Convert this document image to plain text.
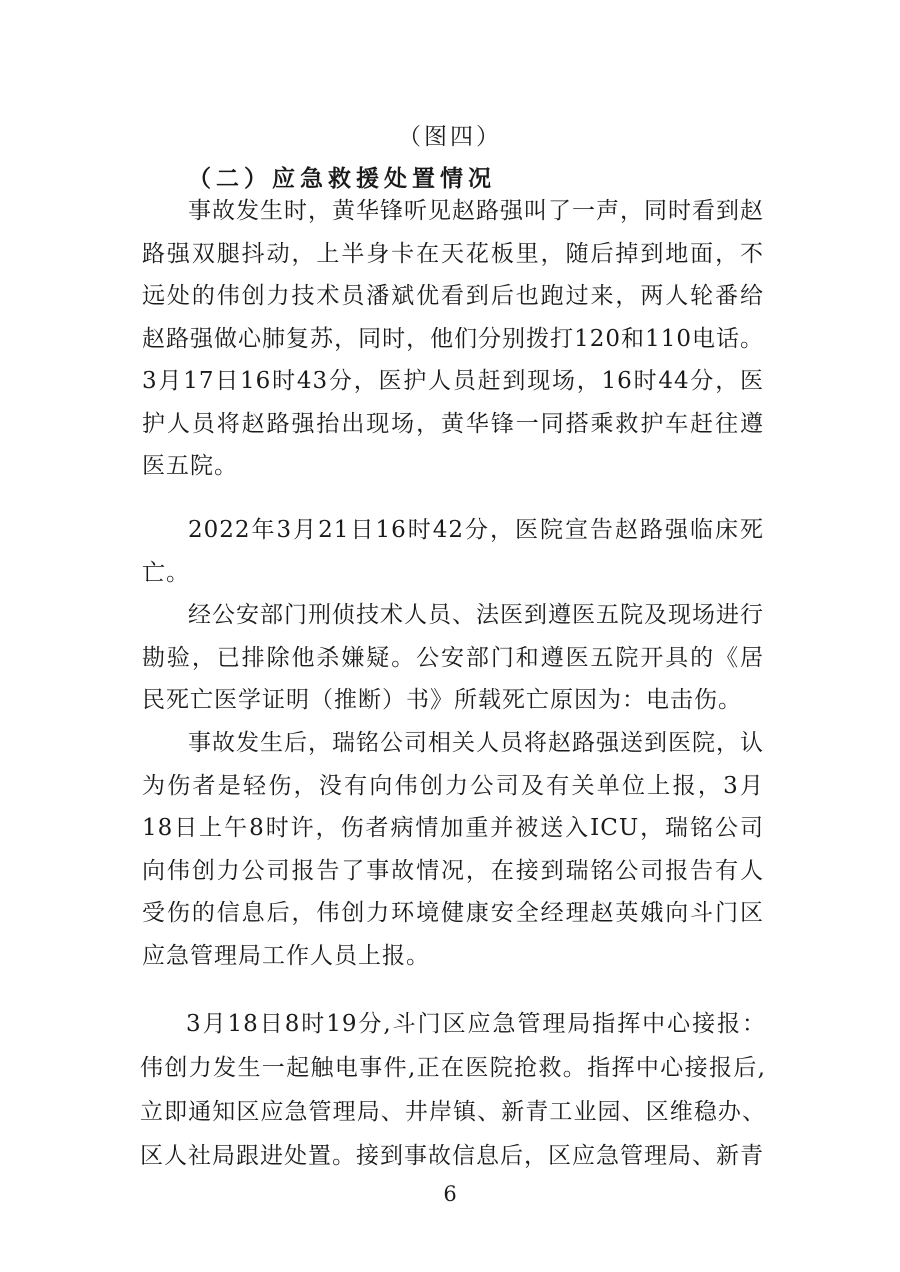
（图四）
（二）应急救援处置情况

事故发生时，黄华锋听见赵路强叫了一声，同时看到赵路强双腿抖动，上半身卡在天花板里，随后掉到地面，不远处的伟创力技术员潘斌优看到后也跑过来，两人轮番给赵路强做心肺复苏，同时，他们分别拨打120和110电话。3月17日16时43分，医护人员赶到现场，16时44分，医护人员将赵路强抬出现场，黄华锋一同搭乘救护车赶往遵医五院。

2022年3月21日16时42分，医院宣告赵路强临床死亡。

经公安部门刑侦技术人员、法医到遵医五院及现场进行勘验，已排除他杀嫌疑。公安部门和遵医五院开具的《居民死亡医学证明（推断）书》所载死亡原因为：电击伤。

事故发生后，瑞铭公司相关人员将赵路强送到医院，认为伤者是轻伤，没有向伟创力公司及有关单位上报，3月18日上午8时许，伤者病情加重并被送入ICU，瑞铭公司向伟创力公司报告了事故情况，在接到瑞铭公司报告有人受伤的信息后，伟创力环境健康安全经理赵英娥向斗门区应急管理局工作人员上报。

3月18日8时19分,斗门区应急管理局指挥中心接报：伟创力发生一起触电事件,正在医院抢救。指挥中心接报后,立即通知区应急管理局、井岸镇、新青工业园、区维稳办、区人社局跟进处置。接到事故信息后，区应急管理局、新青

6
